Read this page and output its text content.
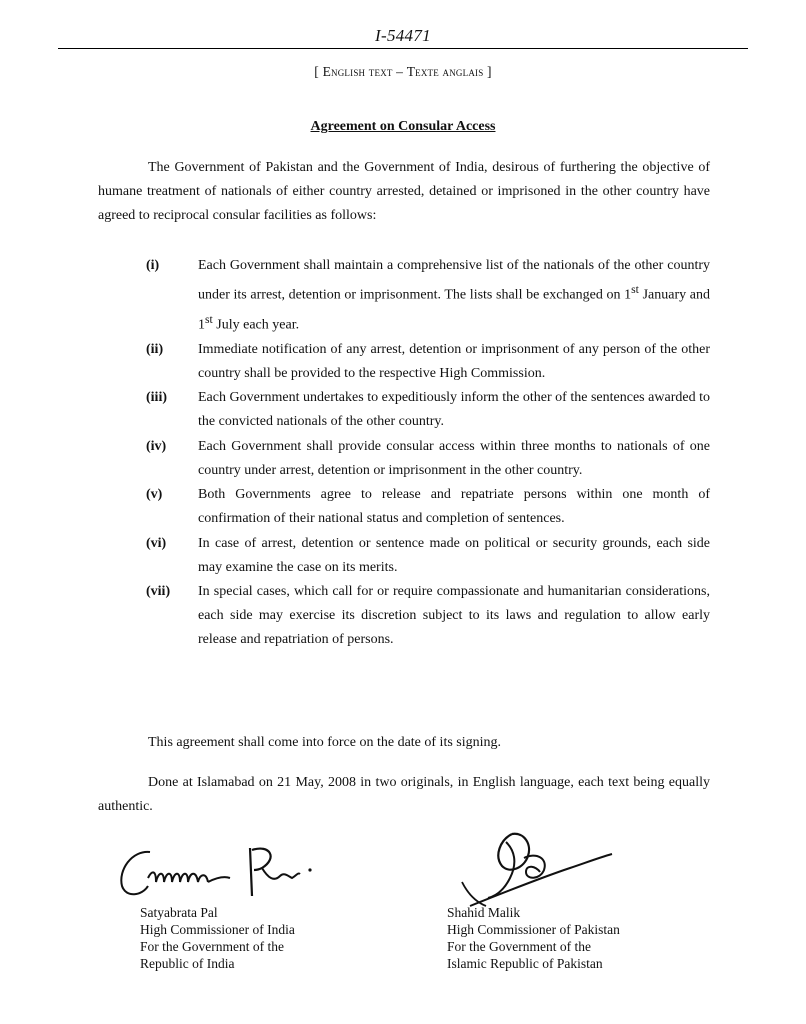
I-54471
[ English text – Texte anglais ]
Agreement on Consular Access

The Government of Pakistan and the Government of India, desirous of furthering the objective of humane treatment of nationals of either country arrested, detained or imprisoned in the other country have agreed to reciprocal consular facilities as follows:

(i)	Each Government shall maintain a comprehensive list of the nationals of the other country under its arrest, detention or imprisonment. The lists shall be exchanged on 1st January and 1st July each year.
(ii)	Immediate notification of any arrest, detention or imprisonment of any person of the other country shall be provided to the respective High Commission.
(iii)	Each Government undertakes to expeditiously inform the other of the sentences awarded to the convicted nationals of the other country.
(iv)	Each Government shall provide consular access within three months to nationals of one country under arrest, detention or imprisonment in the other country.
(v)	Both Governments agree to release and repatriate persons within one month of confirmation of their national status and completion of sentences.
(vi)	In case of arrest, detention or sentence made on political or security grounds, each side may examine the case on its merits.
(vii)	In special cases, which call for or require compassionate and humanitarian considerations, each side may exercise its discretion subject to its laws and regulation to allow early release and repatriation of persons.

This agreement shall come into force on the date of its signing.

Done at Islamabad on 21 May, 2008 in two originals, in English language, each text being equally authentic.

Satyabrata Pal
High Commissioner of India
For the Government of the
Republic of India
Shahid Malik
High Commissioner of Pakistan
For the Government of the
Islamic Republic of Pakistan
